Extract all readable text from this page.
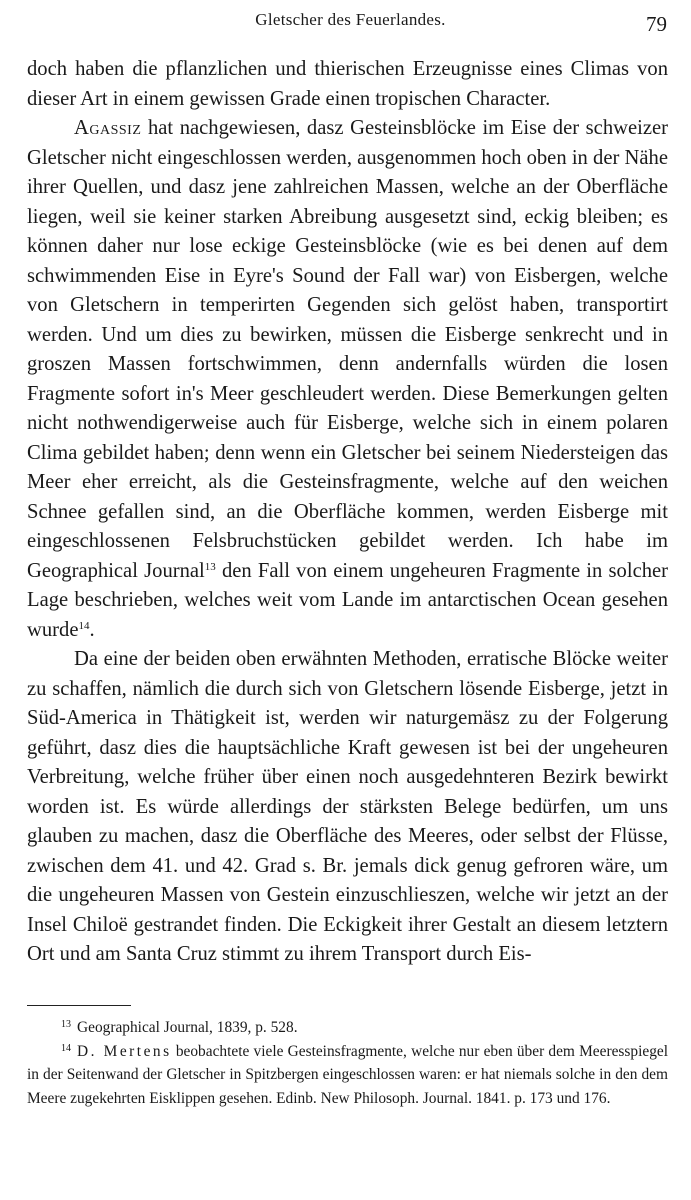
Gletscher des Feuerlandes.	79

doch haben die pflanzlichen und thierischen Erzeugnisse eines Climas von dieser Art in einem gewissen Grade einen tropischen Character.

Agassiz hat nachgewiesen, dasz Gesteinsblöcke im Eise der schweizer Gletscher nicht eingeschlossen werden, ausgenommen hoch oben in der Nähe ihrer Quellen, und dasz jene zahlreichen Massen, welche an der Oberfläche liegen, weil sie keiner starken Abreibung ausgesetzt sind, eckig bleiben; es können daher nur lose eckige Gesteinsblöcke (wie es bei denen auf dem schwimmenden Eise in Eyre's Sound der Fall war) von Eisbergen, welche von Gletschern in temperirten Gegenden sich gelöst haben, transportirt werden. Und um dies zu bewirken, müssen die Eisberge senkrecht und in groszen Massen fortschwimmen, denn andernfalls würden die losen Fragmente sofort in's Meer geschleudert werden. Diese Bemerkungen gelten nicht nothwendigerweise auch für Eisberge, welche sich in einem polaren Clima gebildet haben; denn wenn ein Gletscher bei seinem Niedersteigen das Meer eher erreicht, als die Gesteinsfragmente, welche auf den weichen Schnee gefallen sind, an die Oberfläche kommen, werden Eisberge mit eingeschlossenen Felsbruchstücken gebildet werden. Ich habe im Geographical Journal$^{13}$ den Fall von einem ungeheuren Fragmente in solcher Lage beschrieben, welches weit vom Lande im antarctischen Ocean gesehen wurde$^{14}$.

Da eine der beiden oben erwähnten Methoden, erratische Blöcke weiter zu schaffen, nämlich die durch sich von Gletschern lösende Eisberge, jetzt in Süd-America in Thätigkeit ist, werden wir naturgemäsz zu der Folgerung geführt, dasz dies die hauptsächliche Kraft gewesen ist bei der ungeheuren Verbreitung, welche früher über einen noch ausgedehnteren Bezirk bewirkt worden ist. Es würde allerdings der stärksten Belege bedürfen, um uns glauben zu machen, dasz die Oberfläche des Meeres, oder selbst der Flüsse, zwischen dem 41. und 42. Grad s. Br. jemals dick genug gefroren wäre, um die ungeheuren Massen von Gestein einzuschlieszen, welche wir jetzt an der Insel Chiloë gestrandet finden. Die Eckigkeit ihrer Gestalt an diesem letztern Ort und am Santa Cruz stimmt zu ihrem Transport durch Eis-

$^{13}$ Geographical Journal, 1839, p. 528.

$^{14}$ D. Mertens beobachtete viele Gesteinsfragmente, welche nur eben über dem Meeresspiegel in der Seitenwand der Gletscher in Spitzbergen eingeschlossen waren: er hat niemals solche in den dem Meere zugekehrten Eisklippen gesehen. Edinb. New Philosoph. Journal. 1841. p. 173 und 176.
